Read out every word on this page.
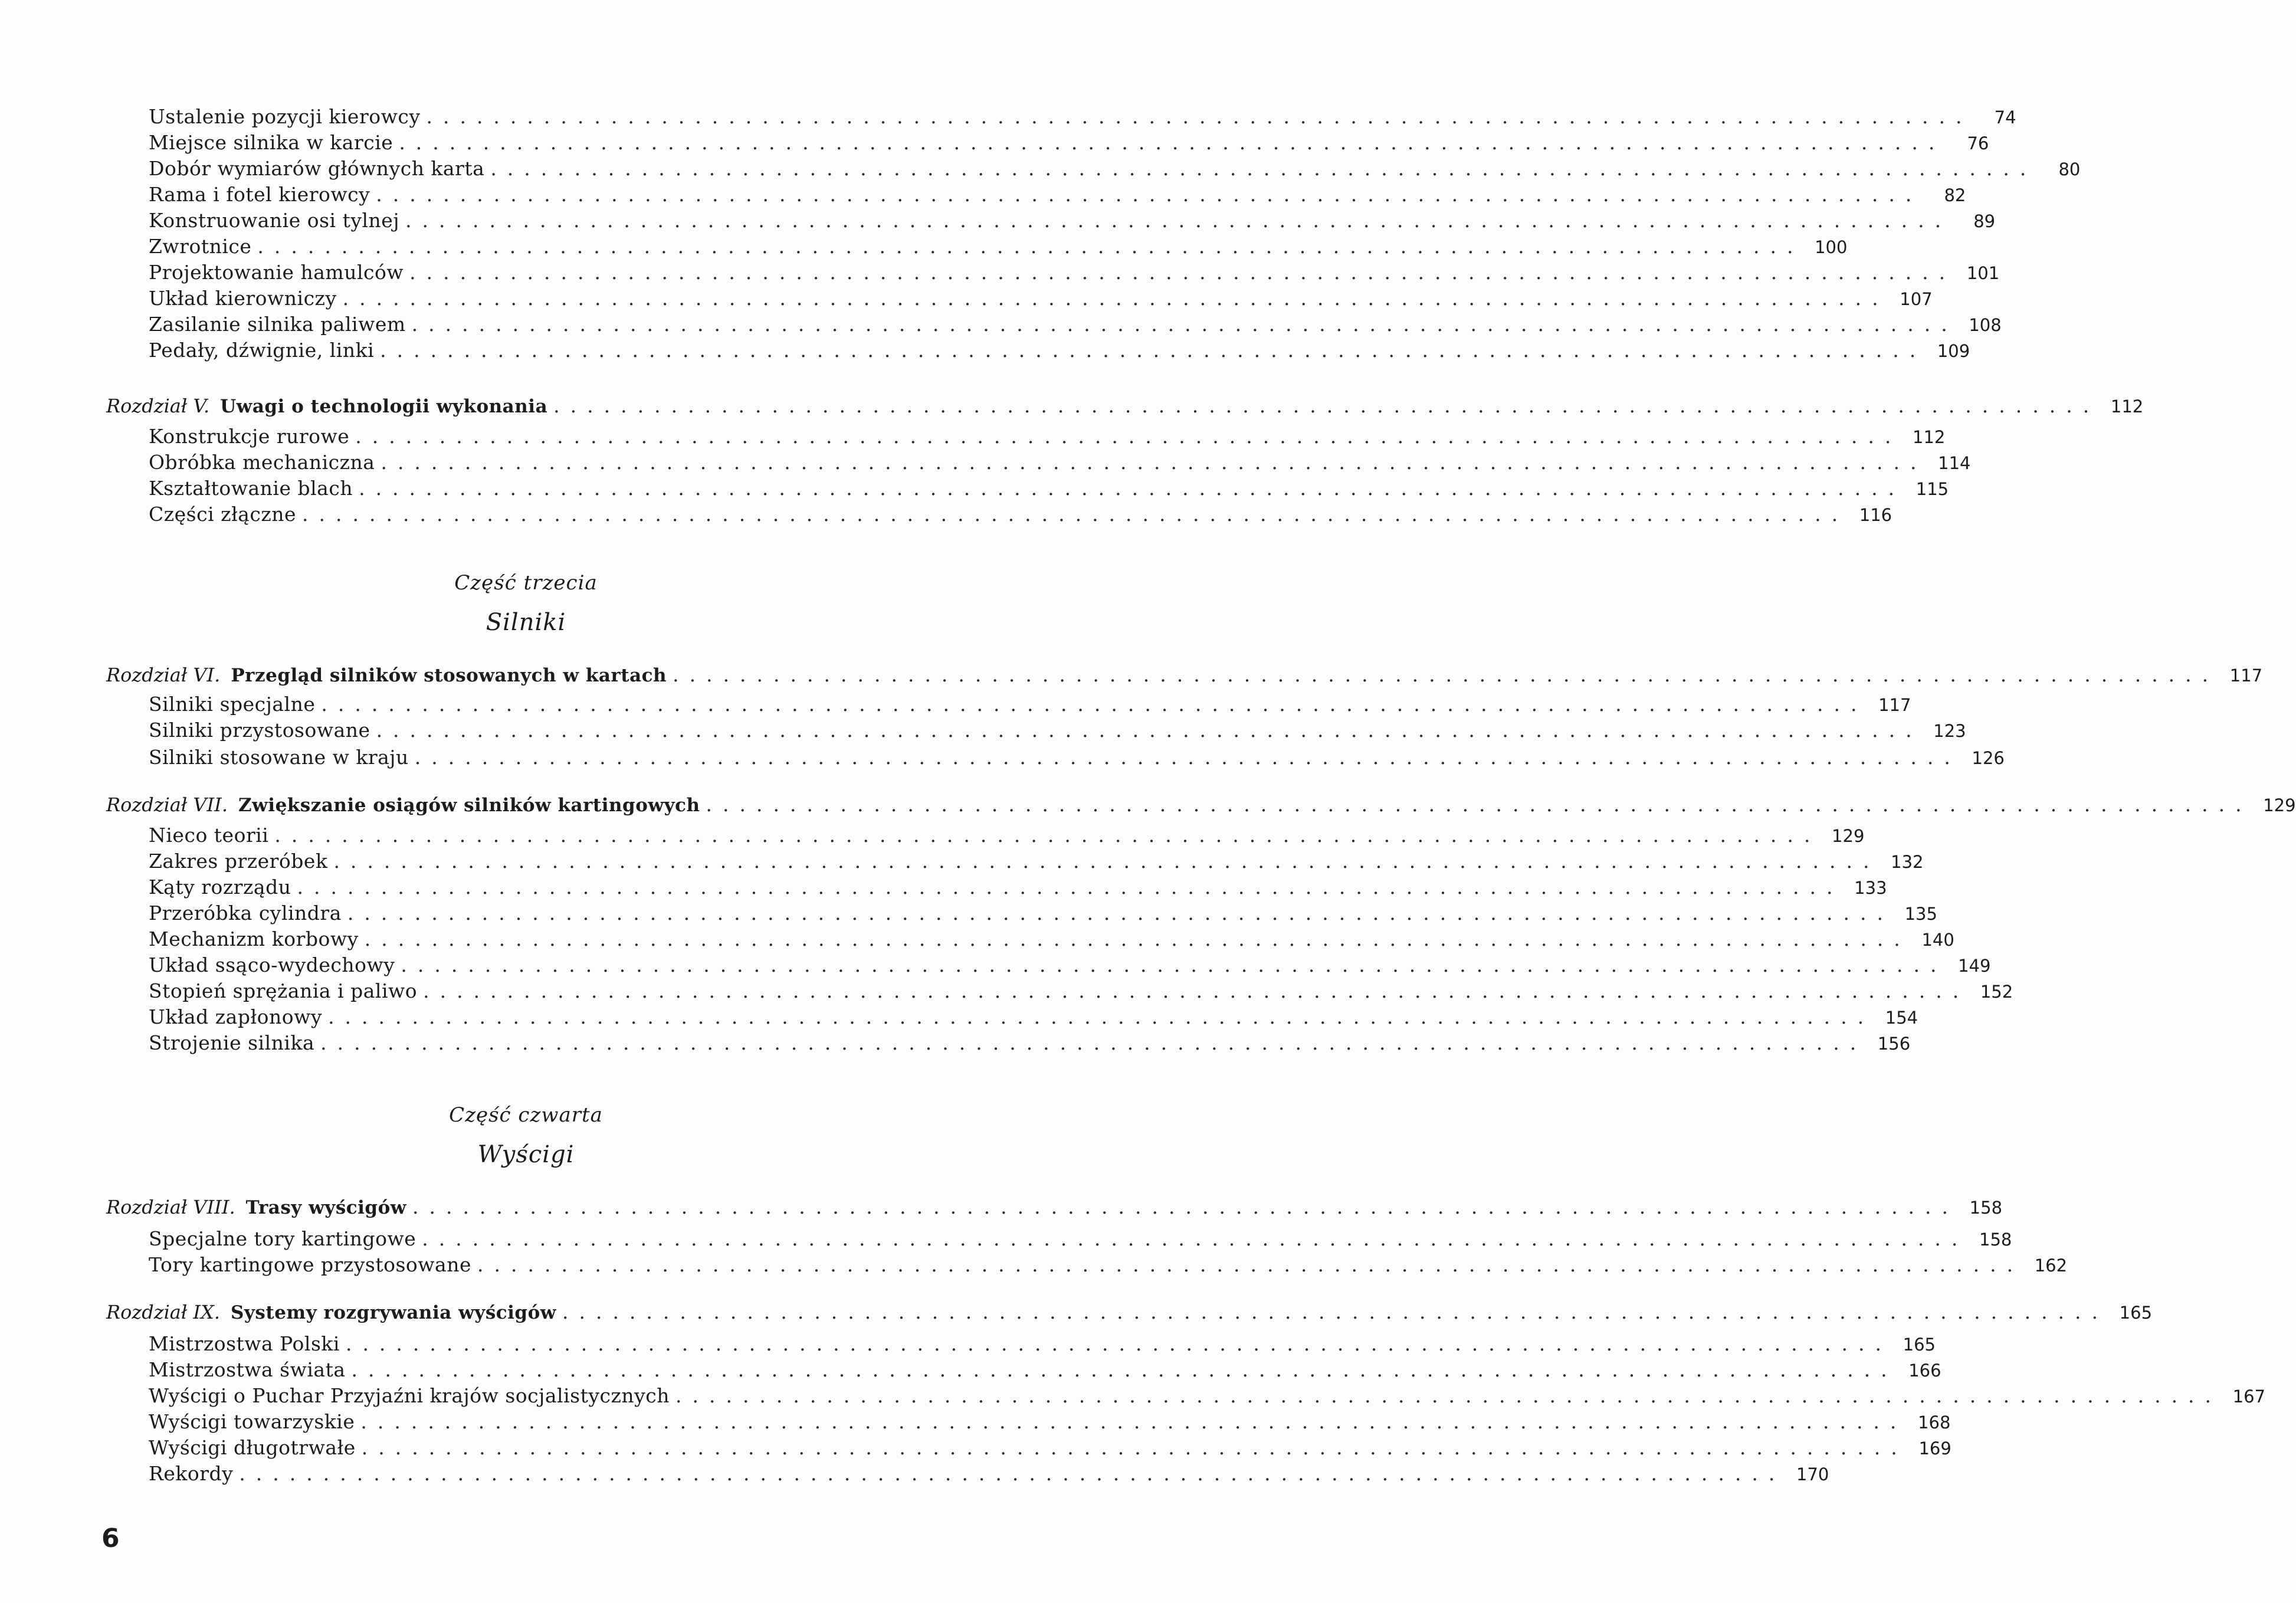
Ustalenie pozycji kierowcy ............................................................................................	74
Miejsce silnika w karcie ............................................................................................	76
Dobór wymiarów głównych karta ............................................................................................	80
Rama i fotel kierowcy ............................................................................................	82
Konstruowanie osi tylnej ............................................................................................	89
Zwrotnice ............................................................................................ 100
Projektowanie hamulców ............................................................................................ 101
Układ kierowniczy ............................................................................................ 107
Zasilanie silnika paliwem ............................................................................................ 108
Pedały, dźwignie, linki ............................................................................................ 109
Rozdział V. Uwagi o technologii wykonania ............................................................................................ 112
Konstrukcje rurowe ............................................................................................ 112
Obróbka mechaniczna ............................................................................................ 114
Kształtowanie blach ............................................................................................ 115
Części złączne ............................................................................................ 116
Część trzecia
Silniki
Rozdział VI. Przegląd silników stosowanych w kartach ............................................................................................ 117
Silniki specjalne ............................................................................................ 117
Silniki przystosowane ............................................................................................ 123
Silniki stosowane w kraju ............................................................................................ 126
Rozdział VII. Zwiększanie osiągów silników kartingowych ............................................................................................ 129
Nieco teorii ............................................................................................ 129
Zakres przeróbek ............................................................................................ 132
Kąty rozrządu ............................................................................................ 133
Przeróbka cylindra ............................................................................................ 135
Mechanizm korbowy ............................................................................................ 140
Układ ssąco-wydechowy ............................................................................................ 149
Stopień sprężania i paliwo ............................................................................................ 152
Układ zapłonowy ............................................................................................ 154
Strojenie silnika ............................................................................................ 156
Część czwarta
Wyścigi
Rozdział VIII. Trasy wyścigów ............................................................................................ 158
Specjalne tory kartingowe ............................................................................................ 158
Tory kartingowe przystosowane ............................................................................................ 162
Rozdział IX. Systemy rozgrywania wyścigów ............................................................................................ 165
Mistrzostwa Polski ............................................................................................ 165
Mistrzostwa świata ............................................................................................ 166
Wyścigi o Puchar Przyjaźni krajów socjalistycznych ............................................................................................ 167
Wyścigi towarzyskie ............................................................................................ 168
Wyścigi długotrwałe ............................................................................................ 169
Rekordy ............................................................................................ 170
6
